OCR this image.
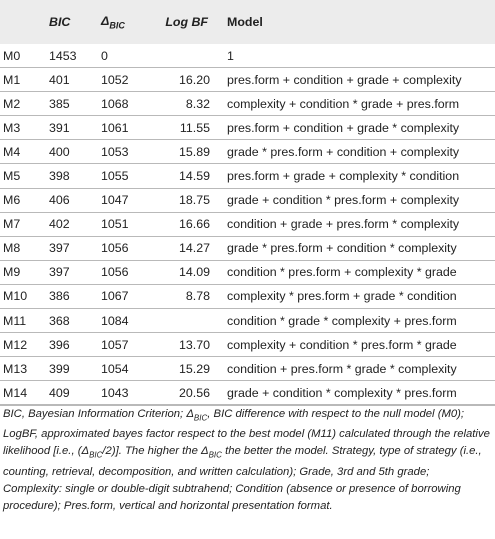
	BIC	$\Delta_{BIC}$	Log BF	Model
M0	1453	0		1
M1	401	1052	16.20	pres.form + condition + grade + complexity
M2	385	1068	8.32	complexity + condition * grade + pres.form
M3	391	1061	11.55	pres.form + condition + grade * complexity
M4	400	1053	15.89	grade * pres.form + condition + complexity
M5	398	1055	14.59	pres.form + grade + complexity * condition
M6	406	1047	18.75	grade + condition * pres.form + complexity
M7	402	1051	16.66	condition + grade + pres.form * complexity
M8	397	1056	14.27	grade * pres.form + condition * complexity
M9	397	1056	14.09	condition * pres.form + complexity * grade
M10	386	1067	8.78	complexity * pres.form + grade * condition
M11	368	1084		condition * grade * complexity + pres.form
M12	396	1057	13.70	complexity + condition * pres.form * grade
M13	399	1054	15.29	condition + pres.form * grade * complexity
M14	409	1043	20.56	grade + condition * complexity * pres.form
BIC, Bayesian Information Criterion; $\Delta_{BIC}$, BIC difference with respect to the null model (M0); LogBF, approximated bayes factor respect to the best model (M11) calculated through the relative likelihood [i.e., $(\Delta_{BIC}/2)$]. The higher the $\Delta_{BIC}$ the better the model. Strategy, type of strategy (i.e., counting, retrieval, decomposition, and written calculation); Grade, 3rd and 5th grade; Complexity: single or double-digit subtrahend; Condition (absence or presence of borrowing procedure); Pres.form, vertical and horizontal presentation format.
